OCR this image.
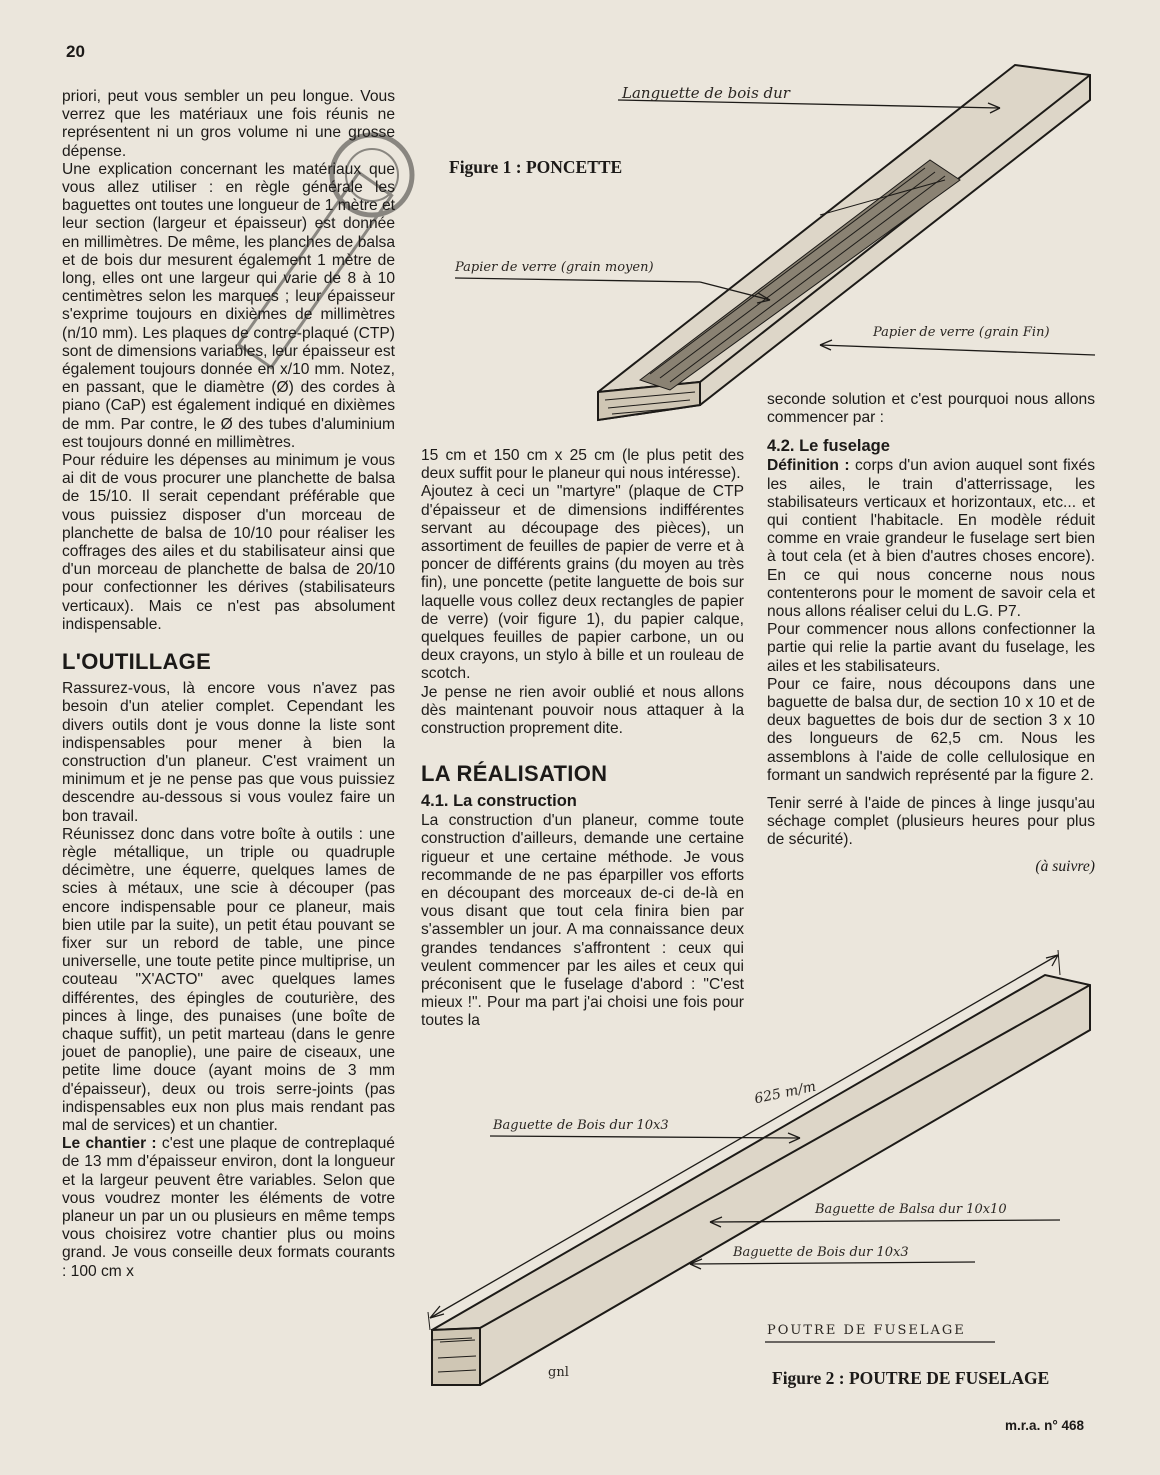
20
Figure 1 : PONCETTE
Languette de bois dur
Papier de verre (grain moyen)
Papier de verre (grain Fin)
625 m/m
Baguette de Bois dur 10x3
Baguette de Balsa dur 10x10
Baguette de Bois dur 10x3
POUTRE DE FUSELAGE
gnl	Figure 2 : POUTRE DE FUSELAGE

priori, peut vous sembler un peu longue. Vous verrez que les matériaux une fois réunis ne représentent ni un gros volume ni une grosse dépense.

Une explication concernant les matériaux que vous allez utiliser : en règle générale les baguettes ont toutes une longueur de 1 mètre et leur section (largeur et épaisseur) est donnée en millimètres. De même, les planches de balsa et de bois dur mesurent également 1 mètre de long, elles ont une largeur qui varie de 8 à 10 centimètres selon les marques ; leur épaisseur s'exprime toujours en dixièmes de millimètres (n/10 mm). Les plaques de contre-plaqué (CTP) sont de dimensions variables, leur épaisseur est également toujours donnée en x/10 mm. Notez, en passant, que le diamètre (Ø) des cordes à piano (CaP) est également indiqué en dixièmes de mm. Par contre, le Ø des tubes d'aluminium est toujours donné en millimètres.

Pour réduire les dépenses au minimum je vous ai dit de vous procurer une planchette de balsa de 15/10. Il serait cependant préférable que vous puissiez disposer d'un morceau de planchette de balsa de 10/10 pour réaliser les coffrages des ailes et du stabilisateur ainsi que d'un morceau de planchette de balsa de 20/10 pour confectionner les dérives (stabilisateurs verticaux). Mais ce n'est pas absolument indispensable.

L'OUTILLAGE

Rassurez-vous, là encore vous n'avez pas besoin d'un atelier complet. Cependant les divers outils dont je vous donne la liste sont indispensables pour mener à bien la construction d'un planeur. C'est vraiment un minimum et je ne pense pas que vous puissiez descendre au-dessous si vous voulez faire un bon travail.

Réunissez donc dans votre boîte à outils : une règle métallique, un triple ou quadruple décimètre, une équerre, quelques lames de scies à métaux, une scie à découper (pas encore indispensable pour ce planeur, mais bien utile par la suite), un petit étau pouvant se fixer sur un rebord de table, une pince universelle, une toute petite pince multiprise, un couteau "X'ACTO" avec quelques lames différentes, des épingles de couturière, des pinces à linge, des punaises (une boîte de chaque suffit), un petit marteau (dans le genre jouet de panoplie), une paire de ciseaux, une petite lime douce (ayant moins de 3 mm d'épaisseur), deux ou trois serre-joints (pas indispensables eux non plus mais rendant pas mal de services) et un chantier.

Le chantier : c'est une plaque de contreplaqué de 13 mm d'épaisseur environ, dont la longueur et la largeur peuvent être variables. Selon que vous voudrez monter les éléments de votre planeur un par un ou plusieurs en même temps vous choisirez votre chantier plus ou moins grand. Je vous conseille deux formats courants : 100 cm x

15 cm et 150 cm x 25 cm (le plus petit des deux suffit pour le planeur qui nous intéresse).

Ajoutez à ceci un "martyre" (plaque de CTP d'épaisseur et de dimensions indifférentes servant au découpage des pièces), un assortiment de feuilles de papier de verre et à poncer de différents grains (du moyen au très fin), une poncette (petite languette de bois sur laquelle vous collez deux rectangles de papier de verre) (voir figure 1), du papier calque, quelques feuilles de papier carbone, un ou deux crayons, un stylo à bille et un rouleau de scotch.

Je pense ne rien avoir oublié et nous allons dès maintenant pouvoir nous attaquer à la construction proprement dite.

LA RÉALISATION
4.1. La construction

La construction d'un planeur, comme toute construction d'ailleurs, demande une certaine rigueur et une certaine méthode. Je vous recommande de ne pas éparpiller vos efforts en découpant des morceaux de-ci de-là en vous disant que tout cela finira bien par s'assembler un jour. A ma connaissance deux grandes tendances s'affrontent : ceux qui veulent commencer par les ailes et ceux qui préconisent que le fuselage d'abord : "C'est mieux !". Pour ma part j'ai choisi une fois pour toutes la

seconde solution et c'est pourquoi nous allons commencer par :

4.2. Le fuselage

Définition : corps d'un avion auquel sont fixés les ailes, le train d'atterrissage, les stabilisateurs verticaux et horizontaux, etc... et qui contient l'habitacle. En modèle réduit comme en vraie grandeur le fuselage sert bien à tout cela (et à bien d'autres choses encore). En ce qui nous concerne nous nous contenterons pour le moment de savoir cela et nous allons réaliser celui du L.G. P7.

Pour commencer nous allons confectionner la partie qui relie la partie avant du fuselage, les ailes et les stabilisateurs.

Pour ce faire, nous découpons dans une baguette de balsa dur, de section 10 x 10 et de deux baguettes de bois dur de section 3 x 10 des longueurs de 62,5 cm. Nous les assemblons à l'aide de colle cellulosique en formant un sandwich représenté par la figure 2.

Tenir serré à l'aide de pinces à linge jusqu'au séchage complet (plusieurs heures pour plus de sécurité).

(à suivre)

m.r.a. n° 468
